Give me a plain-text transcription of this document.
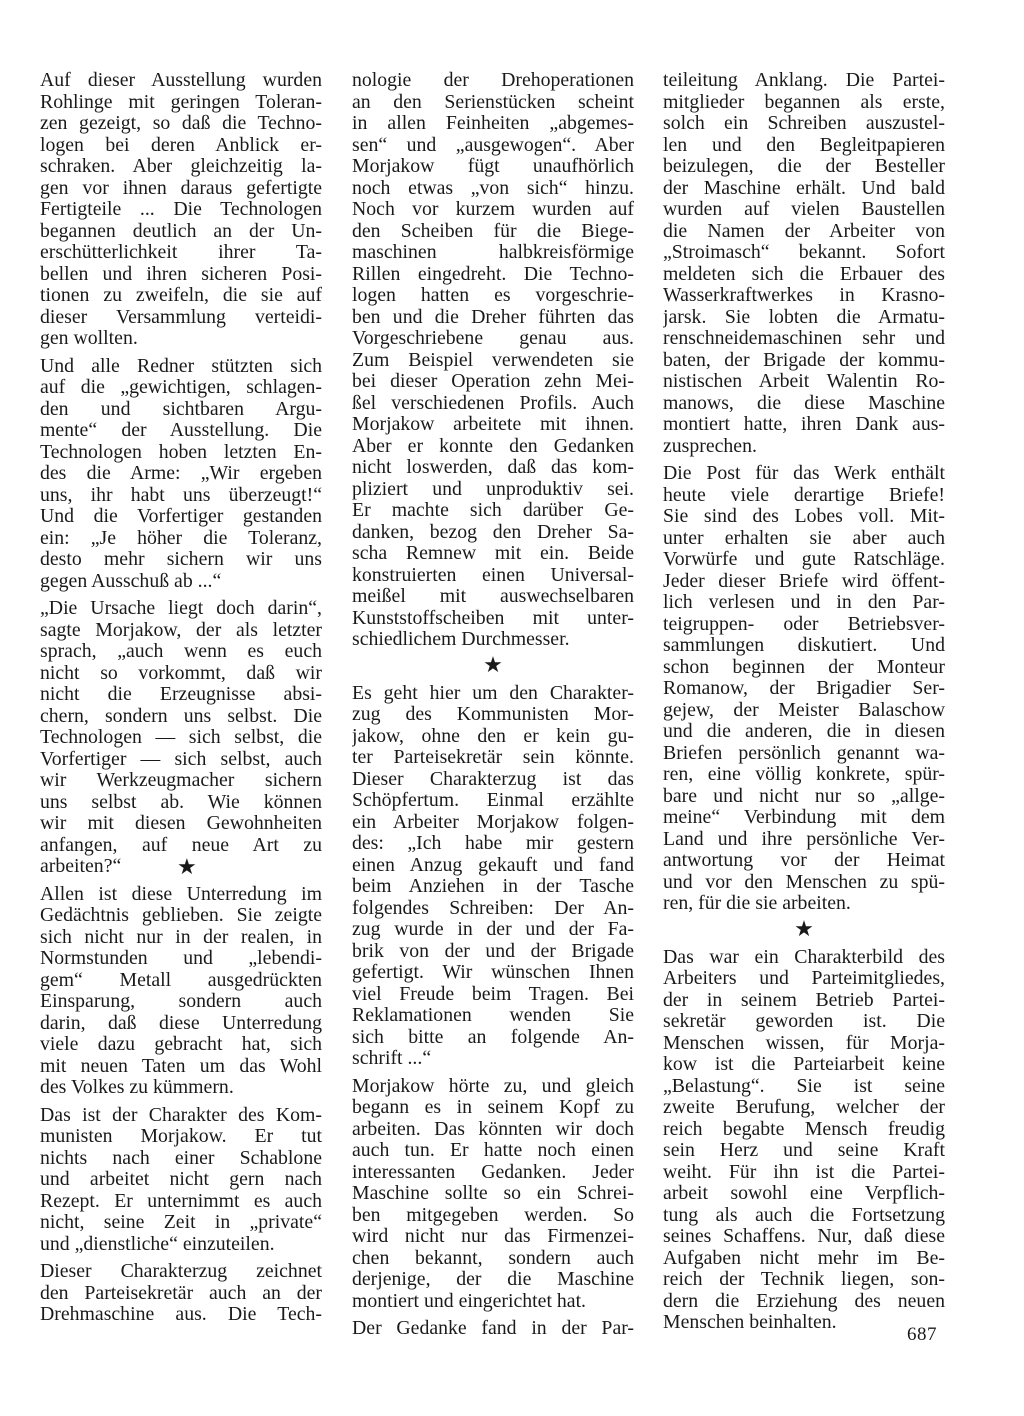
Auf dieser Ausstellung wurden
Rohlinge mit geringen Toleran-
zen gezeigt, so daß die Techno-
logen bei deren Anblick er-
schraken. Aber gleichzeitig la-
gen vor ihnen daraus gefertigte
Fertigteile ... Die Technologen
begannen deutlich an der Un-
erschütterlichkeit ihrer Ta-
bellen und ihren sicheren Posi-
tionen zu zweifeln, die sie auf
dieser Versammlung verteidi-
gen wollten.
Und alle Redner stützten sich
auf die „gewichtigen, schlagen-
den und sichtbaren Argu-
mente“ der Ausstellung. Die
Technologen hoben letzten En-
des die Arme: „Wir ergeben
uns, ihr habt uns überzeugt!“
Und die Vorfertiger gestanden
ein: „Je höher die Toleranz,
desto mehr sichern wir uns
gegen Ausschuß ab ...“
„Die Ursache liegt doch darin“,
sagte Morjakow, der als letzter
sprach, „auch wenn es euch
nicht so vorkommt, daß wir
nicht die Erzeugnisse absi-
chern, sondern uns selbst. Die
Technologen — sich selbst, die
Vorfertiger — sich selbst, auch
wir Werkzeugmacher sichern
uns selbst ab. Wie können
wir mit diesen Gewohnheiten
anfangen, auf neue Art zu
arbeiten?“	★
Allen ist diese Unterredung im
Gedächtnis geblieben. Sie zeigte
sich nicht nur in der realen, in
Normstunden und „lebendi-
gem“ Metall ausgedrückten
Einsparung, sondern auch
darin, daß diese Unterredung
viele dazu gebracht hat, sich
mit neuen Taten um das Wohl
des Volkes zu kümmern.
Das ist der Charakter des Kom-
munisten Morjakow. Er tut
nichts nach einer Schablone
und arbeitet nicht gern nach
Rezept. Er unternimmt es auch
nicht, seine Zeit in „private“
und „dienstliche“ einzuteilen.
Dieser Charakterzug zeichnet
den Parteisekretär auch an der
Drehmaschine aus. Die Tech-
nologie der Drehoperationen
an den Serienstücken scheint
in allen Feinheiten „abgemes-
sen“ und „ausgewogen“. Aber
Morjakow fügt unaufhörlich
noch etwas „von sich“ hinzu.
Noch vor kurzem wurden auf
den Scheiben für die Biege-
maschinen halbkreisförmige
Rillen eingedreht. Die Techno-
logen hatten es vorgeschrie-
ben und die Dreher führten das
Vorgeschriebene genau aus.
Zum Beispiel verwendeten sie
bei dieser Operation zehn Mei-
ßel verschiedenen Profils. Auch
Morjakow arbeitete mit ihnen.
Aber er konnte den Gedanken
nicht loswerden, daß das kom-
pliziert und unproduktiv sei.
Er machte sich darüber Ge-
danken, bezog den Dreher Sa-
scha Remnew mit ein. Beide
konstruierten einen Universal-
meißel mit auswechselbaren
Kunststoffscheiben mit unter-
schiedlichem Durchmesser.
★
Es geht hier um den Charakter-
zug des Kommunisten Mor-
jakow, ohne den er kein gu-
ter Parteisekretär sein könnte.
Dieser Charakterzug ist das
Schöpfertum. Einmal erzählte
ein Arbeiter Morjakow folgen-
des: „Ich habe mir gestern
einen Anzug gekauft und fand
beim Anziehen in der Tasche
folgendes Schreiben: Der An-
zug wurde in der und der Fa-
brik von der und der Brigade
gefertigt. Wir wünschen Ihnen
viel Freude beim Tragen. Bei
Reklamationen wenden Sie
sich bitte an folgende An-
schrift ...“
Morjakow hörte zu, und gleich
begann es in seinem Kopf zu
arbeiten. Das könnten wir doch
auch tun. Er hatte noch einen
interessanten Gedanken. Jeder
Maschine sollte so ein Schrei-
ben mitgegeben werden. So
wird nicht nur das Firmenzei-
chen bekannt, sondern auch
derjenige, der die Maschine
montiert und eingerichtet hat.
Der Gedanke fand in der Par-
teileitung Anklang. Die Partei-
mitglieder begannen als erste,
solch ein Schreiben auszustel-
len und den Begleitpapieren
beizulegen, die der Besteller
der Maschine erhält. Und bald
wurden auf vielen Baustellen
die Namen der Arbeiter von
„Stroimasch“ bekannt. Sofort
meldeten sich die Erbauer des
Wasserkraftwerkes in Krasno-
jarsk. Sie lobten die Armatu-
renschneidemaschinen sehr und
baten, der Brigade der kommu-
nistischen Arbeit Walentin Ro-
manows, die diese Maschine
montiert hatte, ihren Dank aus-
zusprechen.
Die Post für das Werk enthält
heute viele derartige Briefe!
Sie sind des Lobes voll. Mit-
unter erhalten sie aber auch
Vorwürfe und gute Ratschläge.
Jeder dieser Briefe wird öffent-
lich verlesen und in den Par-
teigruppen- oder Betriebsver-
sammlungen diskutiert. Und
schon beginnen der Monteur
Romanow, der Brigadier Ser-
gejew, der Meister Balaschow
und die anderen, die in diesen
Briefen persönlich genannt wa-
ren, eine völlig konkrete, spür-
bare und nicht nur so „allge-
meine“ Verbindung mit dem
Land und ihre persönliche Ver-
antwortung vor der Heimat
und vor den Menschen zu spü-
ren, für die sie arbeiten.
★
Das war ein Charakterbild des
Arbeiters und Parteimitgliedes,
der in seinem Betrieb Partei-
sekretär geworden ist. Die
Menschen wissen, für Morja-
kow ist die Parteiarbeit keine
„Belastung“. Sie ist seine
zweite Berufung, welcher der
reich begabte Mensch freudig
sein Herz und seine Kraft
weiht. Für ihn ist die Partei-
arbeit sowohl eine Verpflich-
tung als auch die Fortsetzung
seines Schaffens. Nur, daß diese
Aufgaben nicht mehr im Be-
reich der Technik liegen, son-
dern die Erziehung des neuen
Menschen beinhalten.
687
